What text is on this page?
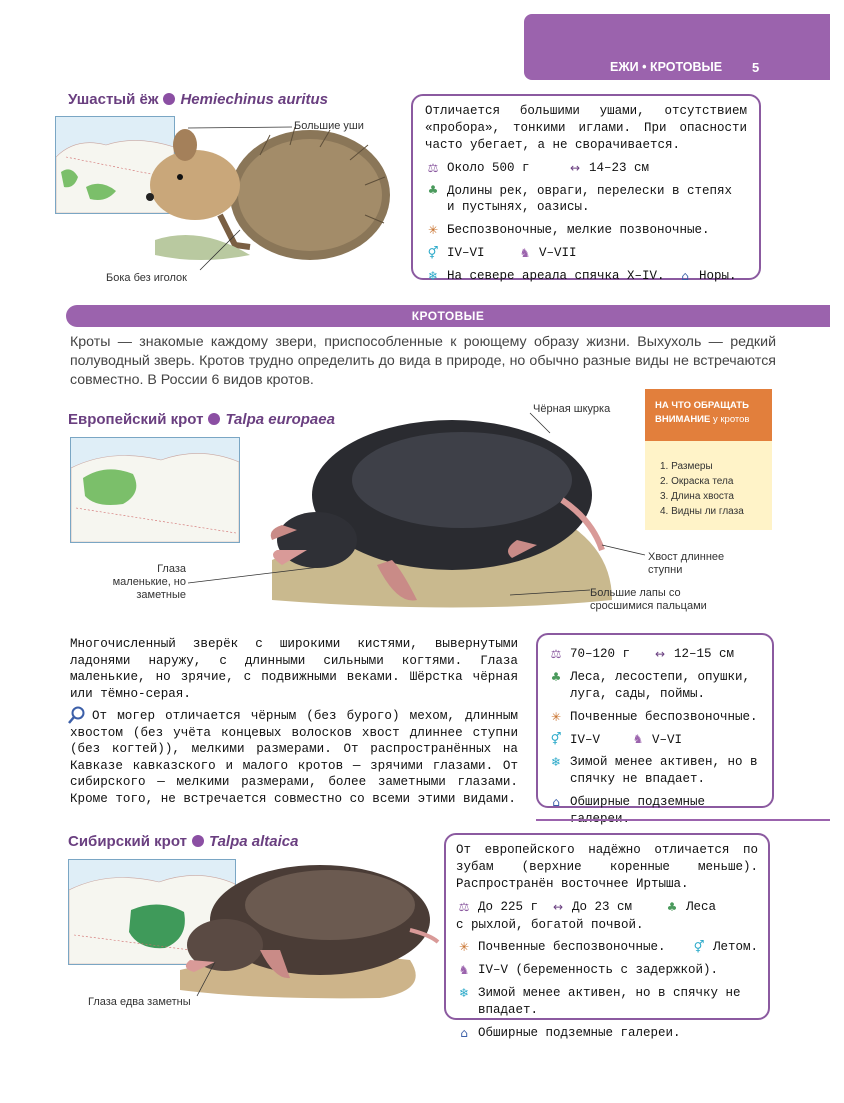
ЕЖИ • КРОТОВЫЕ 5
Ушастый ёж Hemiechinus auritus
Большие уши
Бока без иголок
Отличается большими ушами, отсутствием «пробора», тонкими иглами. При опасности часто убегает, а не сворачивается.
⚖ Около 500 г	↔ 14–23 см
♣ Долины рек, овраги, перелески в степях и пустынях, оазисы.
✳ Беспозвоночные, мелкие позвоночные.
⚥ IV–VI	♞ V–VII
❄ На севере ареала спячка X–IV.	⌂ Норы.
КРОТОВЫЕ
Кроты — знакомые каждому звери, приспособленные к роющему образу жизни. Выхухоль — редкий полуводный зверь. Кротов трудно определить до вида в природе, но обычно разные виды не встречаются совместно. В России 6 видов кротов.
Европейский крот Talpa europaea
Чёрная шкурка
Глаза маленькие, но заметные
Хвост длиннее ступни
Большие лапы со сросшимися пальцами
НА ЧТО ОБРАЩАТЬ
ВНИМАНИЕ у кротов
1. Размеры
2. Окраска тела
3. Длина хвоста
4. Видны ли глаза
Многочисленный зверёк с широкими кистями, вывернутыми ладонями наружу, с длинными сильными когтями. Глаза маленькие, но зрячие, с подвижными веками. Шёрстка чёрная или тёмно-серая.
От могер отличается чёрным (без бурого) мехом, длинным хвостом (без учёта концевых волосков хвост длиннее ступни (без когтей)), мелкими размерами. От распространённых на Кавказе кавказского и малого кротов — зрячими глазами. От сибирского — мелкими размерами, более заметными глазами. Кроме того, не встречается совместно со всеми этими видами.
⚖ 70–120 г	↔ 12–15 см
♣ Леса, лесостепи, опушки, луга, сады, поймы.
✳ Почвенные беспозвоночные.
⚥ IV–V	♞ V–VI
❄ Зимой менее активен, но в спячку не впадает.
⌂ Обширные подземные
Сибирский крот Talpa altaica
Глаза едва заметны
От европейского надёжно отличается по зубам (верхние коренные меньше). Распространён восточнее Иртыша.
⚖ До 225 г	↔ До 23 см	♣ Леса
с рыхлой, богатой почвой.
✳ Почвенные беспозвоночные.	⚥ Летом.
♞ IV–V (беременность с задержкой).
❄ Зимой менее активен, но в спячку не впадает.
⌂ Обширные подземные галереи.
